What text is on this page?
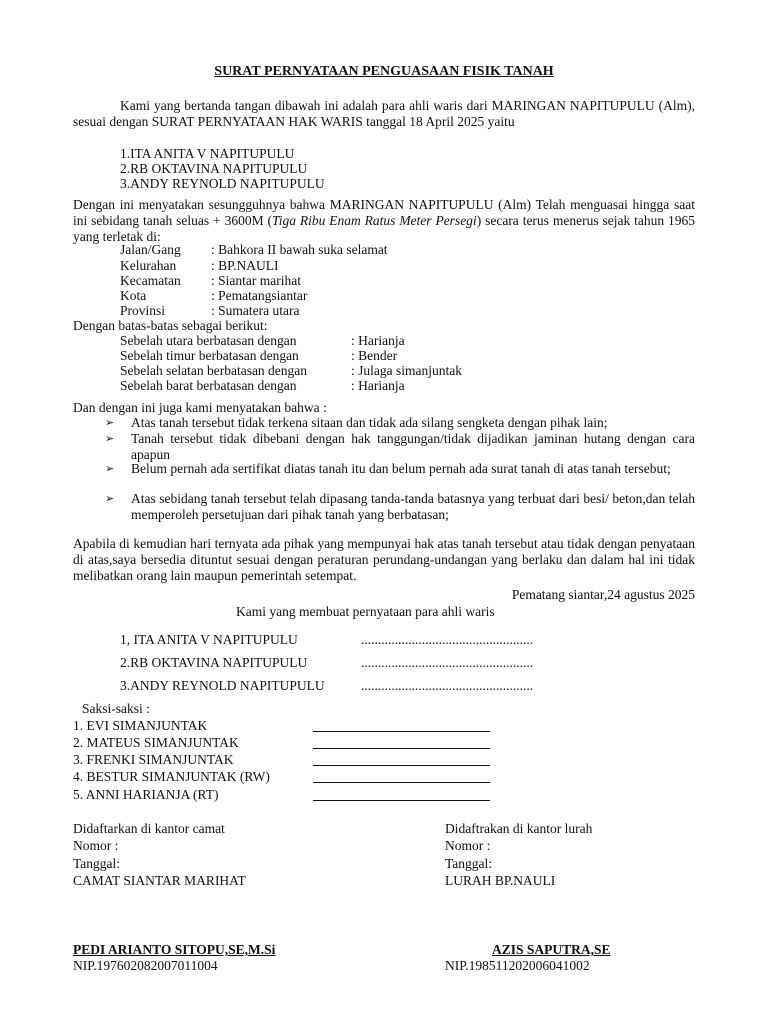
SURAT PERNYATAAN PENGUASAAN FISIK TANAH
Kami yang bertanda tangan dibawah ini adalah para ahli waris dari MARINGAN NAPITUPULU (Alm), sesuai dengan SURAT PERNYATAAN HAK WARIS tanggal 18 April 2025 yaitu
1.ITA ANITA V NAPITUPULU
2.RB OKTAVINA NAPITUPULU
3.ANDY REYNOLD NAPITUPULU
Dengan ini menyatakan sesungguhnya bahwa MARINGAN NAPITUPULU (Alm) Telah menguasai hingga saat ini sebidang tanah seluas + 3600M (Tiga Ribu Enam Ratus Meter Persegi) secara terus menerus sejak tahun 1965 yang terletak di:
Jalan/Gang : Bahkora II bawah suka selamat
Kelurahan	: BP.NAULI
Kecamatan : Siantar marihat
Kota	: Pematangsiantar
Provinsi	: Sumatera utara
Dengan batas-batas sebagai berikut:
Sebelah utara berbatasan dengan	: Harianja
Sebelah timur berbatasan dengan	: Bender
Sebelah selatan berbatasan dengan	: Julaga simanjuntak
Sebelah barat berbatasan dengan	: Harianja
Dan dengan ini juga kami menyatakan bahwa :
➢ Atas tanah tersebut tidak terkena sitaan dan tidak ada silang sengketa dengan pihak lain;
➢ Tanah tersebut tidak dibebani dengan hak tanggungan/tidak dijadikan jaminan hutang dengan cara apapun
➢ Belum pernah ada sertifikat diatas tanah itu dan belum pernah ada surat tanah di atas tanah tersebut;
➢ Atas sebidang tanah tersebut telah dipasang tanda-tanda batasnya yang terbuat dari besi/ beton,dan telah memperoleh persetujuan dari pihak tanah yang berbatasan;
Apabila di kemudian hari ternyata ada pihak yang mempunyai hak atas tanah tersebut atau tidak dengan penyataan di atas,saya bersedia dituntut sesuai dengan peraturan perundang-undangan yang berlaku dan dalam hal ini tidak melibatkan orang lain maupun pemerintah setempat.
Pematang siantar,24 agustus 2025
Kami yang membuat pernyataan para ahli waris
1, ITA ANITA V NAPITUPULU	...................................................
2.RB OKTAVINA NAPITUPULU	...................................................
3.ANDY REYNOLD NAPITUPULU	...................................................
Saksi-saksi :
1. EVI SIMANJUNTAK
2. MATEUS SIMANJUNTAK
3. FRENKI SIMANJUNTAK
4. BESTUR SIMANJUNTAK (RW)
5. ANNI HARIANJA (RT)
Didaftarkan di kantor camat
Nomor :
Tanggal:
CAMAT SIANTAR MARIHAT
PEDI ARIANTO SITOPU,SE,M.Si
NIP.197602082007011004
Didaftrakan di kantor lurah
Nomor :
Tanggal:
LURAH BP.NAULI
AZIS SAPUTRA,SE
NIP.198511202006041002
